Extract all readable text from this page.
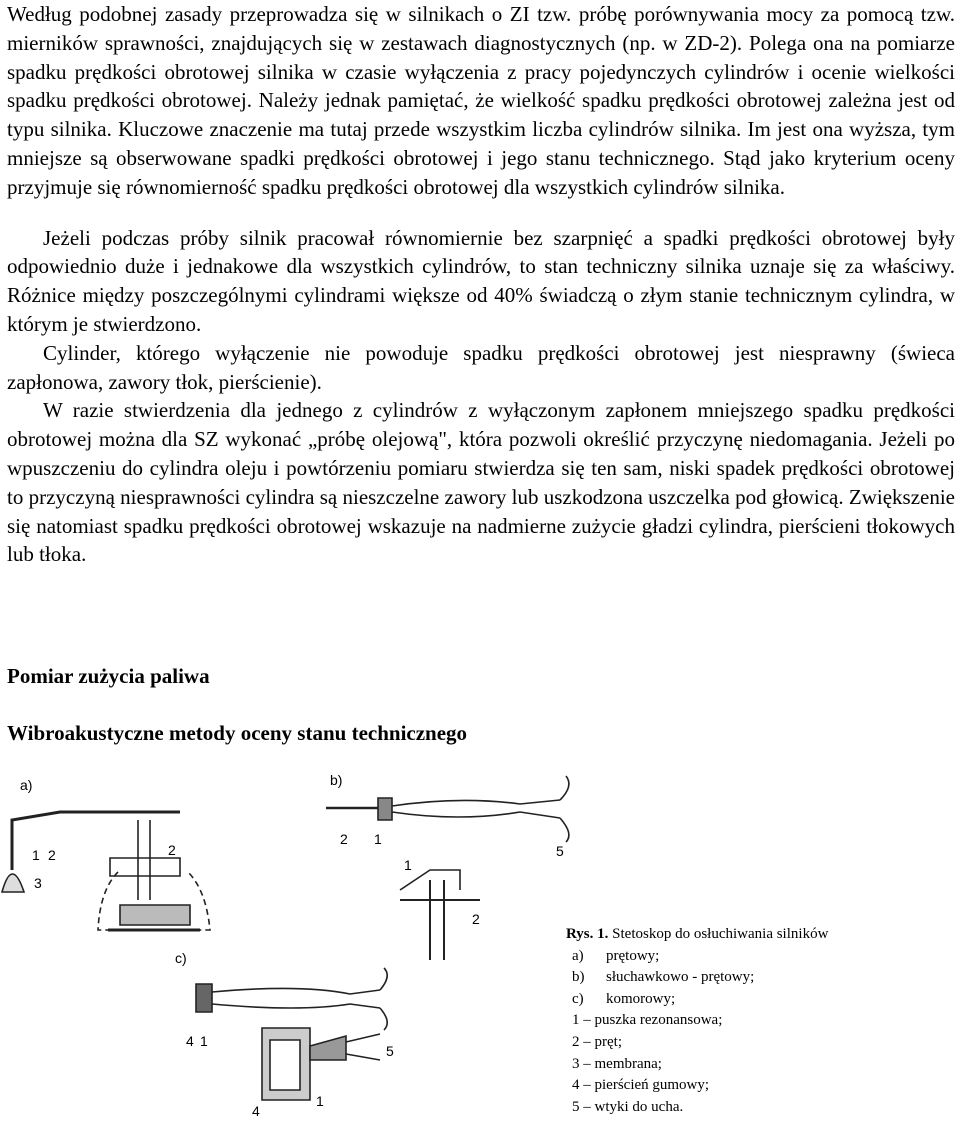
Według podobnej zasady przeprowadza się w silnikach o ZI tzw. próbę porównywania mocy za pomocą tzw. mierników sprawności, znajdujących się w zestawach diagnostycznych (np. w ZD-2). Polega ona na pomiarze spadku prędkości obrotowej silnika w czasie wyłączenia z pracy pojedynczych cylindrów i ocenie wielkości spadku prędkości obrotowej. Należy jednak pamiętać, że wielkość spadku prędkości obrotowej zależna jest od typu silnika. Kluczowe znaczenie ma tutaj przede wszystkim liczba cylindrów silnika. Im jest ona wyższa, tym mniejsze są obserwowane spadki prędkości obrotowej i jego stanu technicznego. Stąd jako kryterium oceny przyjmuje się równomierność spadku prędkości obrotowej dla wszystkich cylindrów silnika.

Jeżeli podczas próby silnik pracował równomiernie bez szarpnięć a spadki prędkości obrotowej były odpowiednio duże i jednakowe dla wszystkich cylindrów, to stan techniczny silnika uznaje się za właściwy. Różnice między poszczególnymi cylindrami większe od 40% świadczą o złym stanie technicznym cylindra, w którym je stwierdzono.

Cylinder, którego wyłączenie nie powoduje spadku prędkości obrotowej jest niesprawny (świeca zapłonowa, zawory tłok, pierścienie).

W razie stwierdzenia dla jednego z cylindrów z wyłączonym zapłonem mniejszego spadku prędkości obrotowej można dla SZ wykonać „próbę olejową", która pozwoli określić przyczynę niedomagania. Jeżeli po wpuszczeniu do cylindra oleju i powtórzeniu pomiaru stwierdza się ten sam, niski spadek prędkości obrotowej to przyczyną niesprawności cylindra są nieszczelne zawory lub uszkodzona uszczelka pod głowicą. Zwiększenie się natomiast spadku prędkości obrotowej wskazuje na nadmierne zużycie gładzi cylindra, pierścieni tłokowych lub tłoka.

Pomiar zużycia paliwa
Wibroakustyczne metody oceny stanu technicznego
a)
1 2
3
2
b)
2 1
5
1
2
c)
4 1
5
4
1
Rys. 1. Stetoskop do osłuchiwania silników
a) prętowy;
b) słuchawkowo - prętowy;
c) komorowy;
1 – puszka rezonansowa;
2 – pręt;
3 – membrana;
4 – pierścień gumowy;
5 – wtyki do ucha.
